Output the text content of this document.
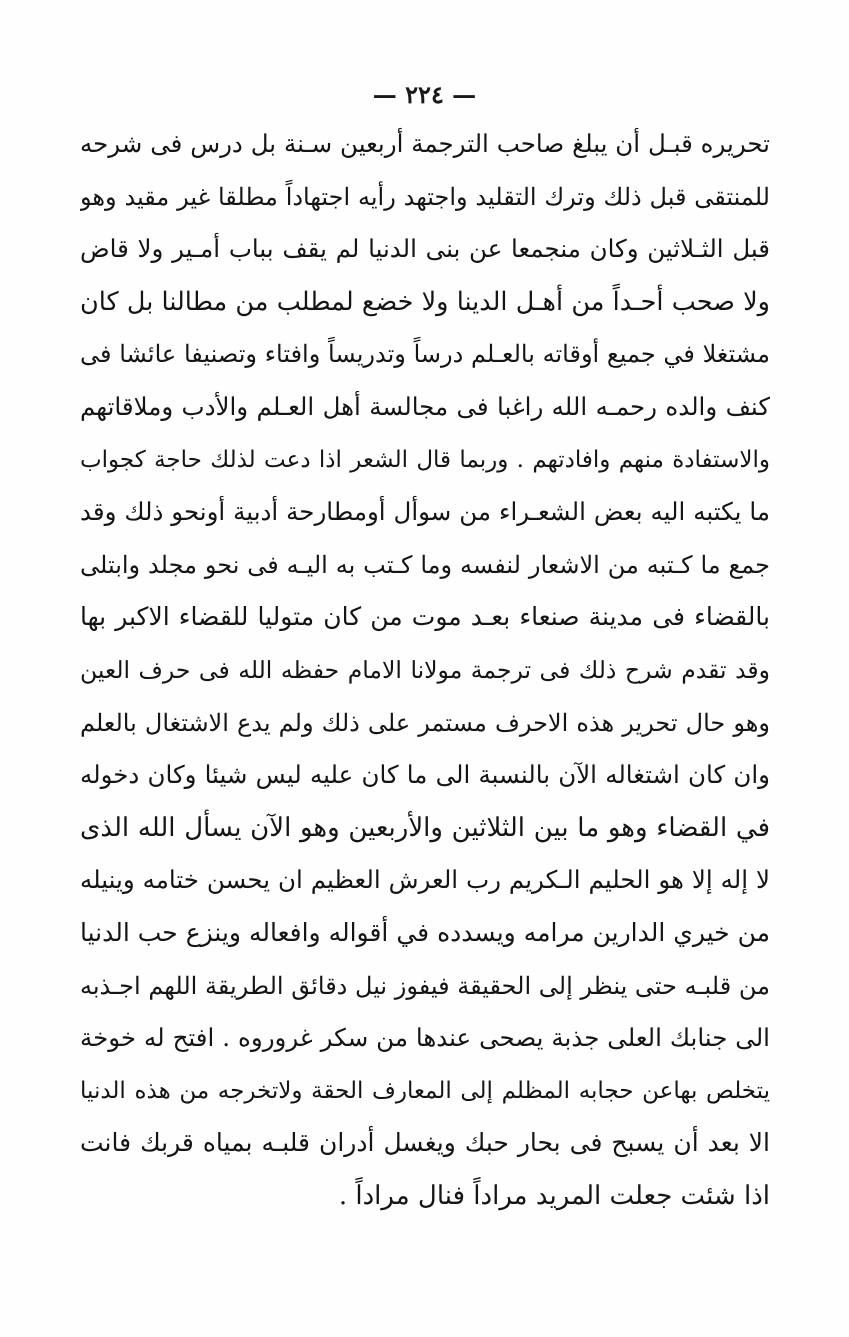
— ٢٢٤ —
تحريره قبـل أن يبلغ صاحب الترجمة أربعين سـنة بل درس فى شرحه
للمنتقى قبل ذلك وترك التقليد واجتهد رأيه اجتهاداً مطلقا غير مقيد وهو
قبل الثـلاثين وكان منجمعا عن بنى الدنيا لم يقف بباب أمـير ولا قاض
ولا صحب أحـداً من أهـل الدينا ولا خضع لمطلب من مطالنا بل كان
مشتغلا في جميع أوقاته بالعـلم درساً وتدريساً وافتاء وتصنيفا عائشا فى
كنف والده رحمـه الله راغبا فى مجالسة أهل العـلم والأدب وملاقاتهم
والاستفادة منهم وافادتهم . وربما قال الشعر اذا دعت لذلك حاجة كجواب
ما يكتبه اليه بعض الشعـراء من سوأل أومطارحة أدبية أونحو ذلك وقد
جمع ما كـتبه من الاشعار لنفسه وما كـتب به اليـه فى نحو مجلد وابتلى
بالقضاء فى مدينة صنعاء بعـد موت من كان متوليا للقضاء الاكبر بها
وقد تقدم شرح ذلك فى ترجمة مولانا الامام حفظه الله فى حرف العين
وهو حال تحرير هذه الاحرف مستمر على ذلك ولم يدع الاشتغال بالعلم
وان كان اشتغاله الآن بالنسبة الى ما كان عليه ليس شيئا وكان دخوله
في القضاء وهو ما بين الثلاثين والأربعين وهو الآن يسأل الله الذى
لا إله إلا هو الحليم الـكريم رب العرش العظيم ان يحسن ختامه وينيله
من خيري الدارين مرامه ويسدده في أقواله وافعاله وينزع حب الدنيا
من قلبـه حتى ينظر إلى الحقيقة فيفوز نيل دقائق الطريقة اللهم اجـذبه
الى جنابك العلى جذبة يصحى عندها من سكر غروروه . افتح له خوخة
يتخلص بهاعن حجابه المظلم إلى المعارف الحقة ولاتخرجه من هذه الدنيا
الا بعد أن يسبح فى بحار حبك ويغسل أدران قلبـه بمياه قربك فانت
اذا شئت جعلت المريد مراداً فنال مراداً .
